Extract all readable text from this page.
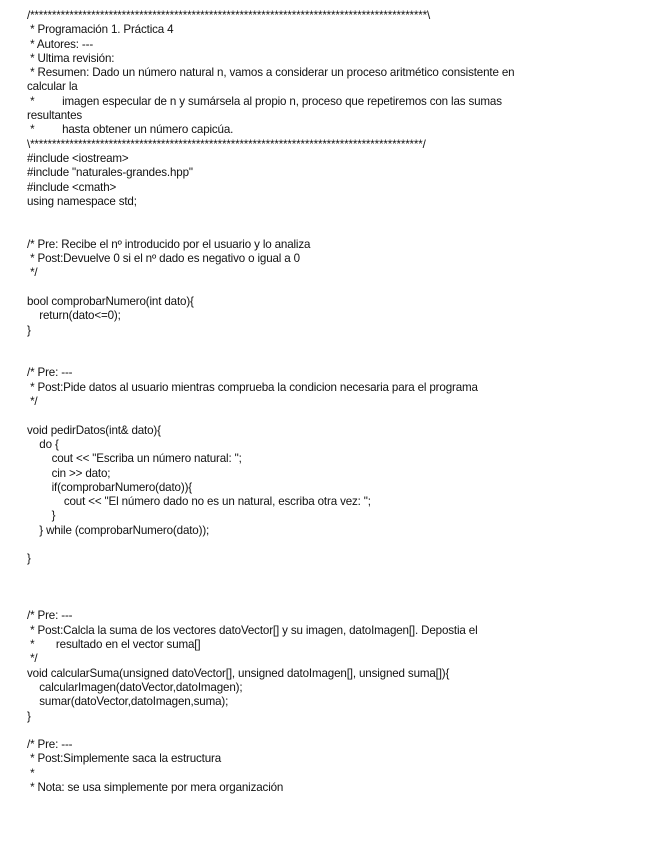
/*******************************************************************************************\
* Programación 1. Práctica 4
* Autores: ---
* Ultima revisión:
* Resumen: Dado un número natural n, vamos a considerar un proceso aritmético consistente en
calcular la
*         imagen especular de n y sumársela al propio n, proceso que repetiremos con las sumas
resultantes
*         hasta obtener un número capicúa.
\******************************************************************************************/
#include <iostream>
#include "naturales-grandes.hpp"
#include <cmath>
using namespace std;
/* Pre: Recibe el nº introducido por el usuario y lo analiza
* Post:Devuelve 0 si el nº dado es negativo o igual a 0
*/
bool comprobarNumero(int dato){
return(dato<=0);
}
/* Pre: ---
* Post:Pide datos al usuario mientras comprueba la condicion necesaria para el programa
*/
void pedirDatos(int& dato){
do {
cout << "Escriba un número natural: ";
cin >> dato;
if(comprobarNumero(dato)){
cout << "El número dado no es un natural, escriba otra vez: ";
}
} while (comprobarNumero(dato));
}
/* Pre: ---
* Post:Calcla la suma de los vectores datoVector[] y su imagen, datoImagen[]. Depostia el
*       resultado en el vector suma[]
*/
void calcularSuma(unsigned datoVector[], unsigned datoImagen[], unsigned suma[]){
calcularImagen(datoVector,datoImagen);
sumar(datoVector,datoImagen,suma);
}
/* Pre: ---
* Post:Simplemente saca la estructura
*
* Nota: se usa simplemente por mera organización
